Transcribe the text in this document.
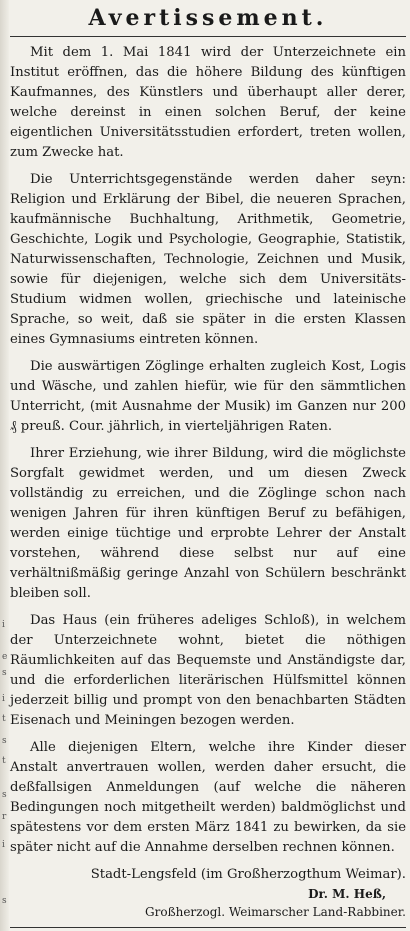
i
e
s
i
t
s
t
s
r
i
s
Avertissement.

Mit dem 1. Mai 1841 wird der Unterzeichnete ein Institut eröffnen, das die höhere Bildung des künftigen Kaufmannes, des Künstlers und überhaupt aller derer, welche dereinst in einen solchen Beruf, der keine eigentlichen Universitätsstudien erfordert, treten wollen, zum Zwecke hat.

Die Unterrichtsgegenstände werden daher seyn: Religion und Erklärung der Bibel, die neueren Sprachen, kaufmännische Buchhaltung, Arithmetik, Geometrie, Geschichte, Logik und Psychologie, Geographie, Statistik, Naturwissenschaften, Technologie, Zeichnen und Musik, sowie für diejenigen, welche sich dem Universitäts-Studium widmen wollen, griechische und lateinische Sprache, so weit, daß sie später in die ersten Klassen eines Gymnasiums eintreten können.

Die auswärtigen Zöglinge erhalten zugleich Kost, Logis und Wäsche, und zahlen hiefür, wie für den sämmtlichen Unterricht, (mit Ausnahme der Musik) im Ganzen nur 200 ₰ preuß. Cour. jährlich, in vierteljährigen Raten.

Ihrer Erziehung, wie ihrer Bildung, wird die möglichste Sorgfalt gewidmet werden, und um diesen Zweck vollständig zu erreichen, und die Zöglinge schon nach wenigen Jahren für ihren künftigen Beruf zu befähigen, werden einige tüchtige und erprobte Lehrer der Anstalt vorstehen, während diese selbst nur auf eine verhältnißmäßig geringe Anzahl von Schülern beschränkt bleiben soll.

Das Haus (ein früheres adeliges Schloß), in welchem der Unterzeichnete wohnt, bietet die nöthigen Räumlichkeiten auf das Bequemste und Anständigste dar, und die erforderlichen literärischen Hülfsmittel können jederzeit billig und prompt von den benachbarten Städten Eisenach und Meiningen bezogen werden.

Alle diejenigen Eltern, welche ihre Kinder dieser Anstalt anvertrauen wollen, werden daher ersucht, die deßfallsigen Anmeldungen (auf welche die näheren Bedingungen noch mitgetheilt werden) baldmöglichst und spätestens vor dem ersten März 1841 zu bewirken, da sie später nicht auf die Annahme derselben rechnen können.

Stadt-Lengsfeld (im Großherzogthum Weimar).
Dr. M. Heß,
Großherzogl. Weimarscher Land-Rabbiner.
